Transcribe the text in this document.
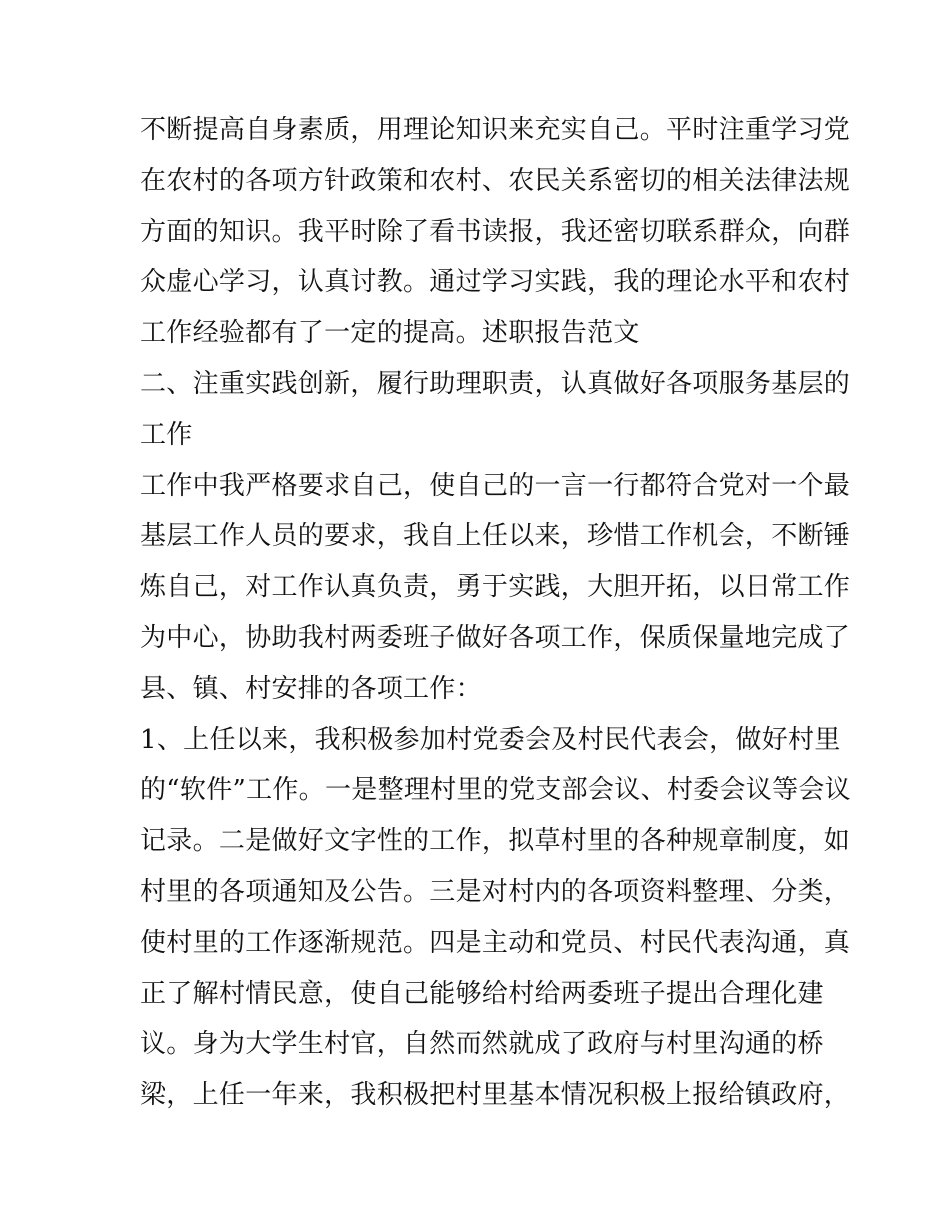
不断提高自身素质，用理论知识来充实自己。平时注重学习党
在农村的各项方针政策和农村、农民关系密切的相关法律法规
方面的知识。我平时除了看书读报，我还密切联系群众，向群
众虚心学习，认真讨教。通过学习实践，我的理论水平和农村
工作经验都有了一定的提高。述职报告范文
二、注重实践创新，履行助理职责，认真做好各项服务基层的
工作
工作中我严格要求自己，使自己的一言一行都符合党对一个最
基层工作人员的要求，我自上任以来，珍惜工作机会，不断锤
炼自己，对工作认真负责，勇于实践，大胆开拓，以日常工作
为中心，协助我村两委班子做好各项工作，保质保量地完成了
县、镇、村安排的各项工作：
1、上任以来，我积极参加村党委会及村民代表会，做好村里
的“软件”工作。一是整理村里的党支部会议、村委会议等会议
记录。二是做好文字性的工作，拟草村里的各种规章制度，如
村里的各项通知及公告。三是对村内的各项资料整理、分类，
使村里的工作逐渐规范。四是主动和党员、村民代表沟通，真
正了解村情民意，使自己能够给村给两委班子提出合理化建
议。身为大学生村官，自然而然就成了政府与村里沟通的桥
梁，上任一年来，我积极把村里基本情况积极上报给镇政府，
